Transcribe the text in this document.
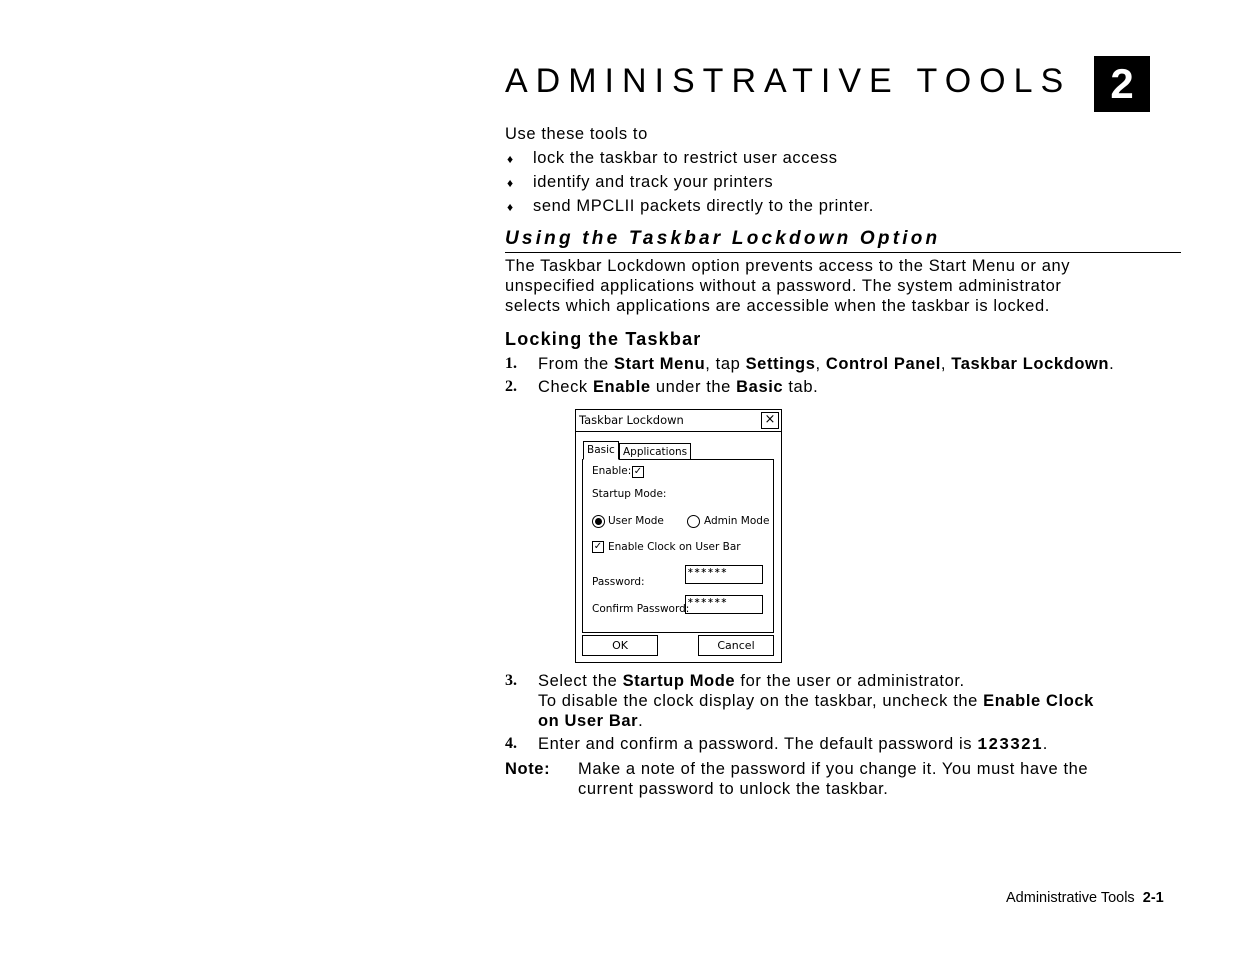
ADMINISTRATIVE TOOLS 2
Use these tools to
♦ lock the taskbar to restrict user access
♦ identify and track your printers
♦ send MPCLII packets directly to the printer.
Using the Taskbar Lockdown Option
The Taskbar Lockdown option prevents access to the Start Menu or any
unspecified applications without a password. The system administrator
selects which applications are accessible when the taskbar is locked.
Locking the Taskbar
1. From the Start Menu, tap Settings, Control Panel, Taskbar Lockdown.
2. Check Enable under the Basic tab.
Taskbar Lockdown	×
Basic Applications
Enable: ✓
Startup Mode:
User Mode	Admin Mode
✓ Enable Clock on User Bar
Password:
∗∗∗∗∗∗
Confirm Password:
∗∗∗∗∗∗
OK	Cancel
3. Select the Startup Mode for the user or administrator.
To disable the clock display on the taskbar, uncheck the Enable Clock
on User Bar.
4. Enter and confirm a password. The default password is 123321.
Note: Make a note of the password if you change it. You must have the
current password to unlock the taskbar.
Administrative Tools 2-1
